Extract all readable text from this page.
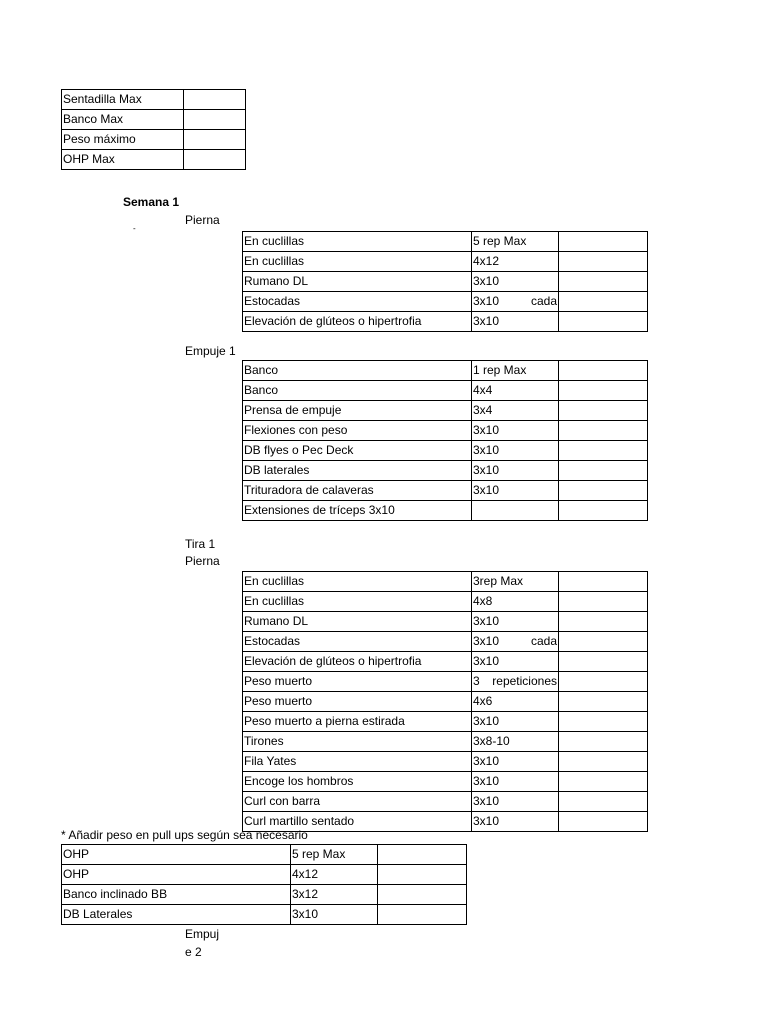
Sentadilla Max	
Banco Max	
Peso máximo	
OHP Max	
Semana 1
Pierna
-
En cuclillas	5 rep Max	
En cuclillas	4x12	
Rumano DL	3x10	
Estocadas	3x10 cada	

Elevación de glúteos o hipertrofia	3x10	
Empuje 1
Banco	1 rep Max	
Banco	4x4	
Prensa de empuje	3x4	
Flexiones con peso	3x10	
DB flyes o Pec Deck	3x10	
DB laterales	3x10	
Trituradora de calaveras	3x10	
Extensiones de tríceps 3x10		
Tira 1
Pierna
En cuclillas	3rep Max	
En cuclillas	4x8	
Rumano DL	3x10	
Estocadas	3x10 cada	

Elevación de glúteos o hipertrofia	3x10	
Peso muerto	3 repeticiones	

Peso muerto	4x6	
Peso muerto a pierna estirada	3x10	
Tirones	3x8-10	
Fila Yates	3x10	
Encoge los hombros	3x10	
Curl con barra	3x10	
Curl martillo sentado	3x10	
* Añadir peso en pull ups según sea necesario
OHP	5 rep Max	
OHP	4x12	
Banco inclinado BB	3x12	
DB Laterales	3x10	
Empuj
e 2
